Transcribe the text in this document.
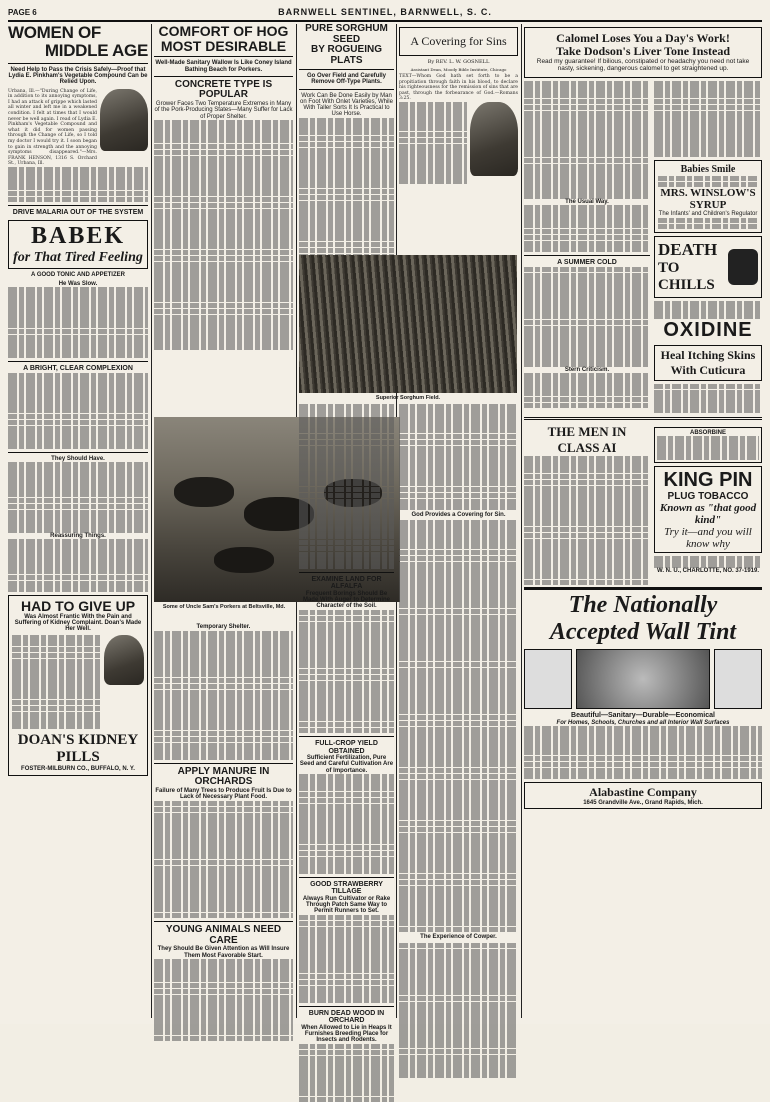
PAGE 6	BARNWELL SENTINEL, BARNWELL, S. C.
WOMEN OF
MIDDLE AGE
Need Help to Pass the Crisis Safely—Proof that Lydia E. Pinkham's Vegetable Compound Can be Relied Upon.
Urbana, Ill.—"During Change of Life, in addition to its annoying symptoms, I had an attack of grippe which lasted all winter and left me in a weakened condition. I felt at times that I would never be well again. I read of Lydia E. Pinkham's Vegetable Compound and what it did for women passing through the Change of Life, so I told my doctor I would try it. I soon began to gain in strength and the annoying symptoms disappeared."—Mrs. FRANK HENSON, 1316 S. Orchard St., Urbana, Ill.
DRIVE MALARIA OUT OF THE SYSTEM
BABEK
for That Tired Feeling
A GOOD TONIC AND APPETIZER
He Was Slow.
A BRIGHT, CLEAR COMPLEXION
They Should Have.
Reassuring Things.
HAD TO GIVE UP
Was Almost Frantic With the Pain and Suffering of Kidney Complaint. Doan's Made Her Well.
DOAN'S KIDNEY PILLS
FOSTER-MILBURN CO., BUFFALO, N. Y.
COMFORT OF HOG
MOST DESIRABLE
Well-Made Sanitary Wallow Is Like Coney Island Bathing Beach for Porkers.
CONCRETE TYPE IS POPULAR
Grower Faces Two Temperature Extremes in Many of the Pork-Producing States—Many Suffer for Lack of Proper Shelter.
Some of Uncle Sam's Porkers at Beltsville, Md.
Temporary Shelter.
APPLY MANURE IN ORCHARDS
Failure of Many Trees to Produce Fruit Is Due to Lack of Necessary Plant Food.
YOUNG ANIMALS NEED CARE
They Should Be Given Attention as Will Insure Them Most Favorable Start.
PURE SORGHUM SEED
BY ROGUEING PLATS
Go Over Field and Carefully Remove Off-Type Plants.
Work Can Be Done Easily by Man on Foot With Onlet Varieties, While With Taller Sorts It Is Practical to Use Horse.
Superior Sorghum Field.
EXAMINE LAND FOR ALFALFA
Frequent Borings Should Be Made With Auger to Determine Character of the Soil.
FULL-CROP YIELD OBTAINED
Sufficient Fertilization, Pure Seed and Careful Cultivation Are of Importance.
GOOD STRAWBERRY TILLAGE
Always Run Cultivator or Rake Through Patch Same Way to Permit Runners to Set.
BURN DEAD WOOD IN ORCHARD
When Allowed to Lie in Heaps It Furnishes Breeding Place for Insects and Rodents.
A Covering for Sins
By REV. L. W. GOSNELL
Assistant Dean, Moody Bible Institute, Chicago
TEXT—Whom God hath set forth to be a propitiation through faith in his blood, to declare his righteousness for the remission of sins that are past, through the forbearance of God.—Romans 3:25.
God Provides a Covering for Sin.
The Experience of Cowper.
Calomel Loses You a Day's Work!
Take Dodson's Liver Tone Instead
Read my guarantee! If bilious, constipated or headachy you need not take nasty, sickening, dangerous calomel to get straightened up.
The Usual Way.
A SUMMER COLD
Stern Criticism.
Babies Smile
MRS. WINSLOW'S SYRUP
The Infants' and Children's Regulator
DEATH
TO CHILLS
OXIDINE
Heal Itching Skins
With Cuticura
THE MEN IN
CLASS AI
ABSORBINE
KING PIN
PLUG TOBACCO
Known as "that good kind"
Try it—and you will know why
W. N. U., CHARLOTTE, NO. 37-1919.
The Nationally
Accepted Wall Tint
Beautiful—Sanitary—Durable—Economical
For Homes, Schools, Churches and all Interior Wall Surfaces
Alabastine Company
1645 Grandville Ave., Grand Rapids, Mich.
